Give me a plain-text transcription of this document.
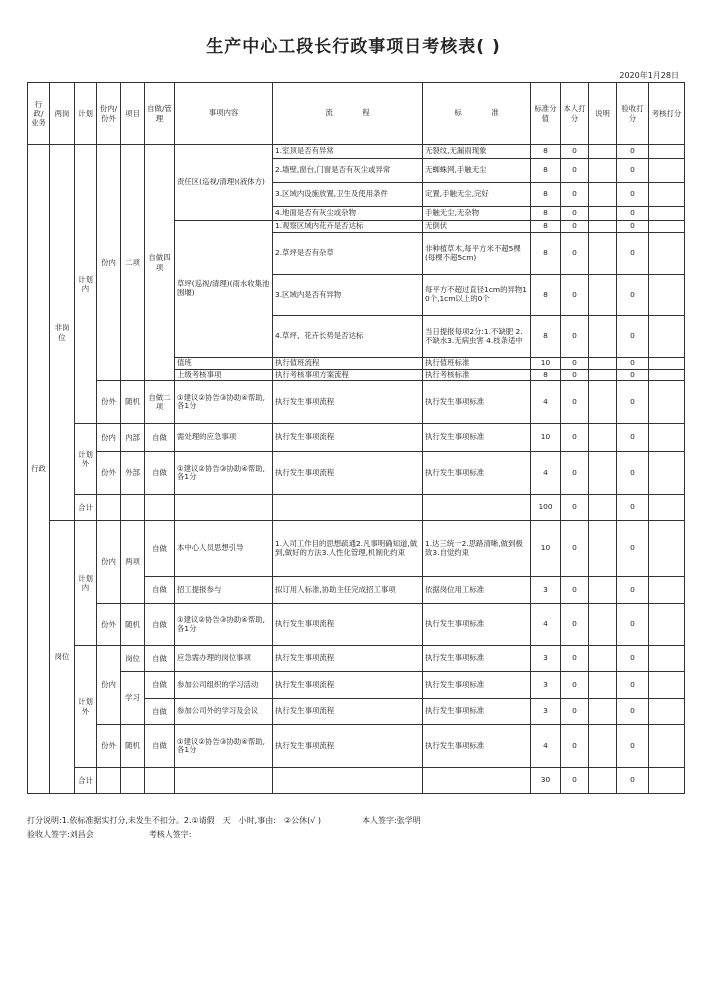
生产中心工段长行政事项日考核表( )
2020年1月28日
行政/业务	两岗	计划	份内/份外	项目	自做/管理	事项内容	流　　　　程	标　　　　准	标准分值	本人打分	说明	验收打分	考核打分
行政	非岗位	计划内	份内	二项	自做四项	责任区(巡视/清理)(液体方)	1.室顶是否有异常	无裂纹,无漏雨现象	8	0		0	
							2.墙壁,窗台,门窗是否有灰尘或异常	无蜘蛛网,手触无尘	8	0		0	
							3.区域内设施放置,卫生及使用条件	定置,手触无尘,完好	8	0		0	
							4.地面是否有灰尘或杂物	手触无尘,无杂物	8	0		0	
						草坪(巡视/清理)(雨水收集池围堰)	1.观察区域内花卉是否达标	无倒伏	8	0		0	
							2.草坪是否有杂草	非种植草木,每平方米不超5棵(每棵不超5cm)	8	0		0	
							3.区域内是否有异物	每平方不超过直径1cm的异物10个,1cm以上的0个	8	0		0	
							4.草坪、花卉长势是否达标	当日提报每项2分:1.不缺肥 2.不缺水3.无病虫害 4.枝条适中	8	0		0	
						值班	执行值班流程	执行值班标准	10	0		0	
						上级考核事项	执行考核事项方案流程	执行考核标准	8	0		0	
			份外	随机	自做二项	①建议②协告③协助④帮助,各1分	执行发生事项流程	执行发生事项标准	4	0		0	

		计划外	份内	内部	自做	需处理的应急事项	执行发生事项流程	执行发生事项标准	10	0		0	
			份外	外部	自做	①建议②协告③协助④帮助,各1分	执行发生事项流程	执行发生事项标准	4	0		0	

		合计							100	0		0	
	岗位	计划内	份内	两项	自做	本中心人员思想引导	1.入司工作目的思想疏通2.凡事明确知道,做到,做好的方法3.人性化管理,机制化约束	1.达三统一2.思路清晰,做到极致3.自觉约束	10	0		0	
					自做	招工提报参与	拟订用人标准,协助主任完成招工事项	依据岗位用工标准	3	0		0	
			份外	随机	自做	①建议②协告③协助④帮助,各1分	执行发生事项流程	执行发生事项标准	4	0		0	
		计划外	份内	岗位	自做	应急需办理的岗位事项	执行发生事项流程	执行发生事项标准	3	0		0	
				学习	自做	参加公司组织的学习活动	执行发生事项流程	执行发生事项标准	3	0		0	
					自做	参加公司外的学习及会议	执行发生事项流程	执行发生事项标准	3	0		0	
			份外	随机	自做	①建议②协告③协助④帮助,各1分	执行发生事项流程	执行发生事项标准	4	0		0	
		合计							30	0		0	
打分说明:1.依标准据实打分,未发生不扣分。2.①请假　天　小时,事由:　②公休(√ )	本人签字:张学明
验收人签字:刘昌会	考核人签字:
